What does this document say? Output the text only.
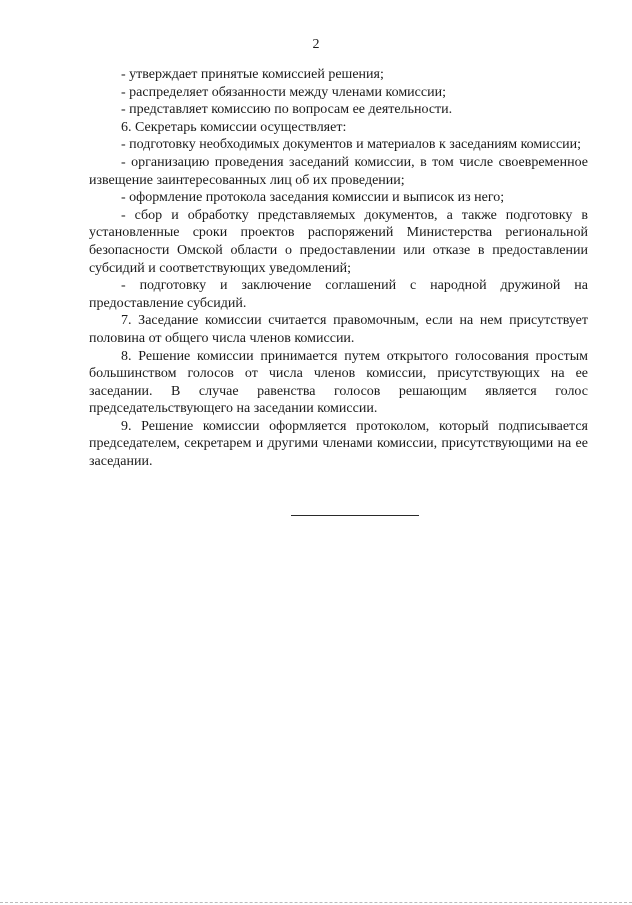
2

- утверждает принятые комиссией решения;

- распределяет обязанности между членами комиссии;

- представляет комиссию по вопросам ее деятельности.

6. Секретарь комиссии осуществляет:

- подготовку необходимых документов и материалов к заседаниям комиссии;

- организацию проведения заседаний комиссии, в том числе своевременное извещение заинтересованных лиц об их проведении;

- оформление протокола заседания комиссии и выписок из него;

- сбор и обработку представляемых документов, а также подготовку в установленные сроки проектов распоряжений Министерства региональной безопасности Омской области о предоставлении или отказе в предоставлении субсидий и соответствующих уведомлений;

- подготовку и заключение соглашений с народной дружиной на предоставление субсидий.

7. Заседание комиссии считается правомочным, если на нем присутствует половина от общего числа членов комиссии.

8. Решение комиссии принимается путем открытого голосования простым большинством голосов от числа членов комиссии, присутствующих на ее заседании. В случае равенства голосов решающим является голос председательствующего на заседании комиссии.

9. Решение комиссии оформляется протоколом, который подписывается председателем, секретарем и другими членами комиссии, присутствующими на ее заседании.
